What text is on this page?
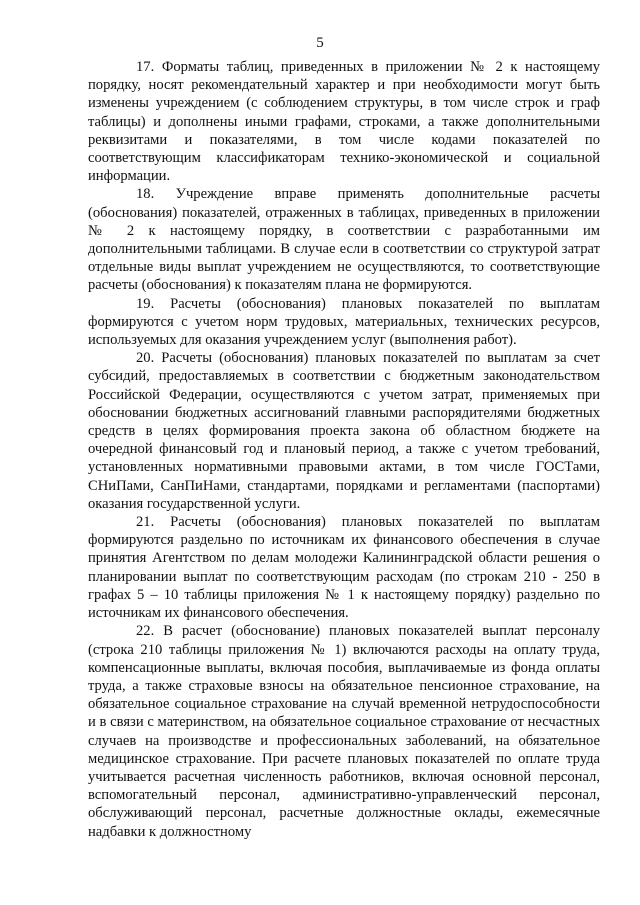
5

17. Форматы таблиц, приведенных в приложении № 2 к настоящему порядку, носят рекомендательный характер и при необходимости могут быть изменены учреждением (с соблюдением структуры, в том числе строк и граф таблицы) и дополнены иными графами, строками, а также дополнительными реквизитами и показателями, в том числе кодами показателей по соответствующим классификаторам технико-экономической и социальной информации.

18. Учреждение вправе применять дополнительные расчеты (обоснования) показателей, отраженных в таблицах, приведенных в приложении № 2 к настоящему порядку, в соответствии с разработанными им дополнительными таблицами. В случае если в соответствии со структурой затрат отдельные виды выплат учреждением не осуществляются, то соответствующие расчеты (обоснования) к показателям плана не формируются.

19. Расчеты (обоснования) плановых показателей по выплатам формируются с учетом норм трудовых, материальных, технических ресурсов, используемых для оказания учреждением услуг (выполнения работ).

20. Расчеты (обоснования) плановых показателей по выплатам за счет субсидий, предоставляемых в соответствии с бюджетным законодательством Российской Федерации, осуществляются с учетом затрат, применяемых при обосновании бюджетных ассигнований главными распорядителями бюджетных средств в целях формирования проекта закона об областном бюджете на очередной финансовый год и плановый период, а также с учетом требований, установленных нормативными правовыми актами, в том числе ГОСТами, СНиПами, СанПиНами, стандартами, порядками и регламентами (паспортами) оказания государственной услуги.

21. Расчеты (обоснования) плановых показателей по выплатам формируются раздельно по источникам их финансового обеспечения в случае принятия Агентством по делам молодежи Калининградской области решения о планировании выплат по соответствующим расходам (по строкам 210 - 250 в графах 5 – 10 таблицы приложения № 1 к настоящему порядку) раздельно по источникам их финансового обеспечения.

22. В расчет (обоснование) плановых показателей выплат персоналу (строка 210 таблицы приложения № 1) включаются расходы на оплату труда, компенсационные выплаты, включая пособия, выплачиваемые из фонда оплаты труда, а также страховые взносы на обязательное пенсионное страхование, на обязательное социальное страхование на случай временной нетрудоспособности и в связи с материнством, на обязательное социальное страхование от несчастных случаев на производстве и профессиональных заболеваний, на обязательное медицинское страхование. При расчете плановых показателей по оплате труда учитывается расчетная численность работников, включая основной персонал, вспомогательный персонал, административно-управленческий персонал, обслуживающий персонал, расчетные должностные оклады, ежемесячные надбавки к должностному
